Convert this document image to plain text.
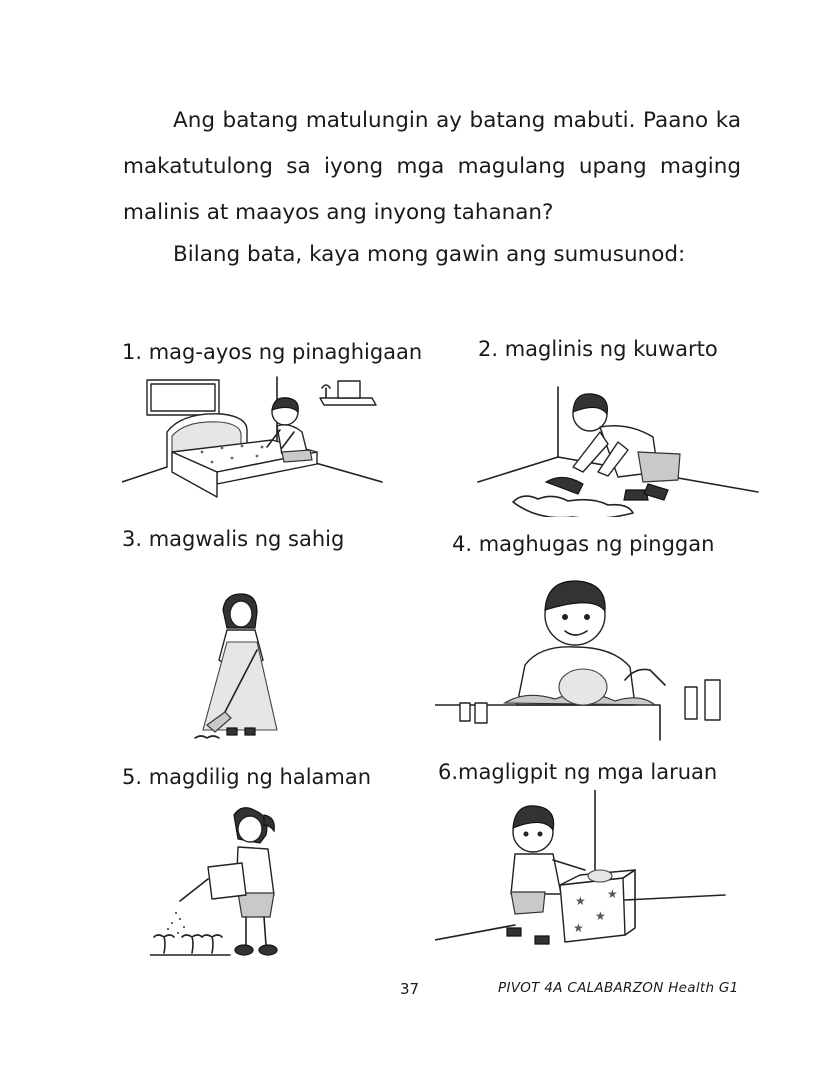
Ang batang matulungin ay batang mabuti. Paano ka makatutulong sa iyong mga magulang upang maging malinis at maayos ang inyong tahanan?

Bilang bata, kaya mong gawin ang sumusunod:

1. mag-ayos ng pinaghigaan	2. maglinis ng kuwarto

3. magwalis ng sahig	4. maghugas ng pinggan

5. magdilig ng halaman	6.magligpit ng mga laruan

★
★
★
★
37	PIVOT 4A CALABARZON Health G1
